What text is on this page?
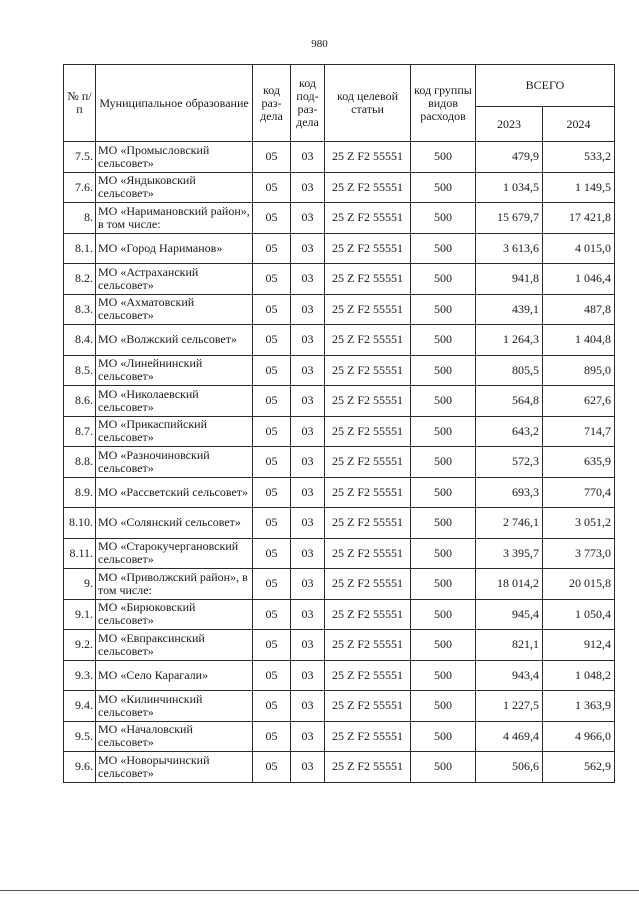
980
№ п/п	Муниципальное образование	код раз- дела	код под- раз- дела	код целевой статьи	код группы видов расходов	ВСЕГО	
						2023	2024
7.5.	МО «Промысловский сельсовет»	05	03	25 Z F2 55551	500	479,9	533,2
7.6.	МО «Яндыковский сельсовет»	05	03	25 Z F2 55551	500	1 034,5	1 149,5
8.	МО «Наримановский район», в том числе:	05	03	25 Z F2 55551	500	15 679,7	17 421,8
8.1.	МО «Город Нариманов»	05	03	25 Z F2 55551	500	3 613,6	4 015,0
8.2.	МО «Астраханский сельсовет»	05	03	25 Z F2 55551	500	941,8	1 046,4
8.3.	МО «Ахматовский сельсовет»	05	03	25 Z F2 55551	500	439,1	487,8
8.4.	МО «Волжский сельсовет»	05	03	25 Z F2 55551	500	1 264,3	1 404,8
8.5.	МО «Линейнинский сельсовет»	05	03	25 Z F2 55551	500	805,5	895,0
8.6.	МО «Николаевский сельсовет»	05	03	25 Z F2 55551	500	564,8	627,6
8.7.	МО «Прикаспийский сельсовет»	05	03	25 Z F2 55551	500	643,2	714,7
8.8.	МО «Разночиновский сельсовет»	05	03	25 Z F2 55551	500	572,3	635,9
8.9.	МО «Рассветский сельсовет»	05	03	25 Z F2 55551	500	693,3	770,4
8.10.	МО «Солянский сельсовет»	05	03	25 Z F2 55551	500	2 746,1	3 051,2
8.11.	МО «Старокучергановский сельсовет»	05	03	25 Z F2 55551	500	3 395,7	3 773,0
9.	МО «Приволжский район», в том числе:	05	03	25 Z F2 55551	500	18 014,2	20 015,8
9.1.	МО «Бирюковский сельсовет»	05	03	25 Z F2 55551	500	945,4	1 050,4
9.2.	МО «Евпраксинский сельсовет»	05	03	25 Z F2 55551	500	821,1	912,4
9.3.	МО «Село Карагали»	05	03	25 Z F2 55551	500	943,4	1 048,2
9.4.	МО «Килинчинский сельсовет»	05	03	25 Z F2 55551	500	1 227,5	1 363,9
9.5.	МО «Началовский сельсовет»	05	03	25 Z F2 55551	500	4 469,4	4 966,0
9.6.	МО «Новорычинский сельсовет»	05	03	25 Z F2 55551	500	506,6	562,9
